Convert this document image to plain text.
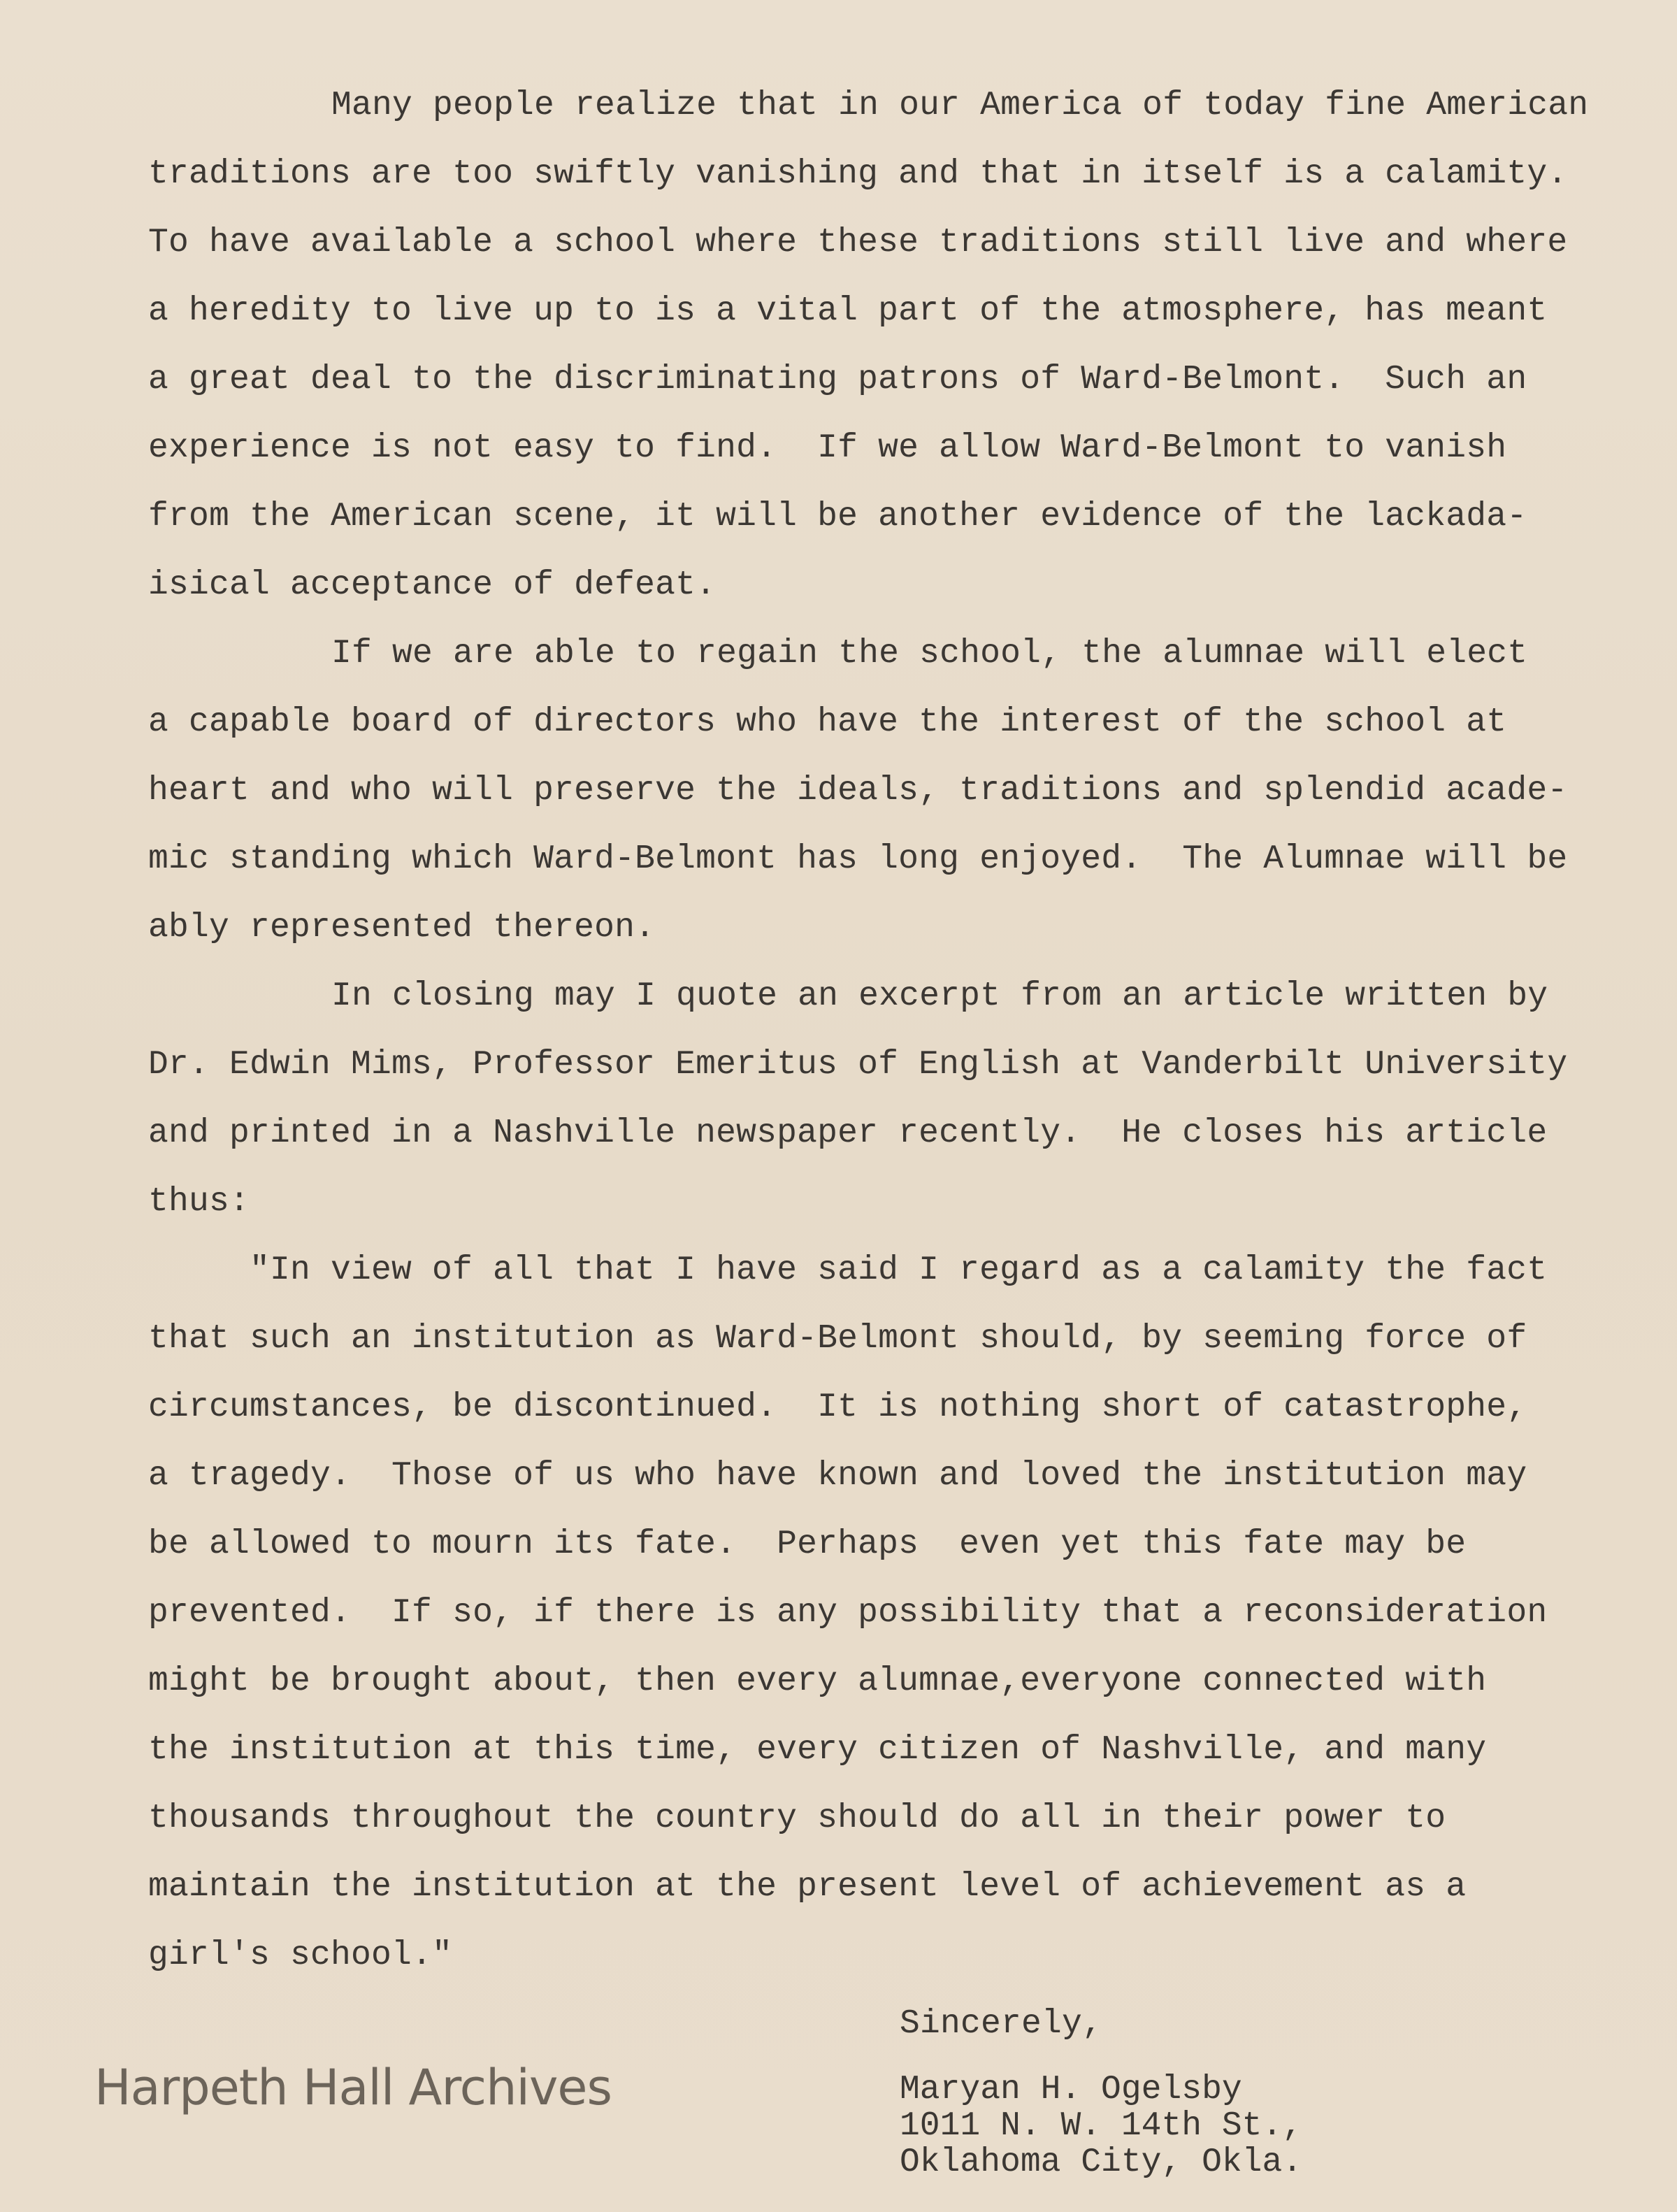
Many people realize that in our America of today fine American
traditions are too swiftly vanishing and that in itself is a calamity.
To have available a school where these traditions still live and where
a heredity to live up to is a vital part of the atmosphere, has meant
a great deal to the discriminating patrons of Ward-Belmont.  Such an
experience is not easy to find.  If we allow Ward-Belmont to vanish
from the American scene, it will be another evidence of the lackada-
isical acceptance of defeat.
If we are able to regain the school, the alumnae will elect
a capable board of directors who have the interest of the school at
heart and who will preserve the ideals, traditions and splendid acade-
mic standing which Ward-Belmont has long enjoyed.  The Alumnae will be
ably represented thereon.
In closing may I quote an excerpt from an article written by
Dr. Edwin Mims, Professor Emeritus of English at Vanderbilt University
and printed in a Nashville newspaper recently.  He closes his article
thus:
"In view of all that I have said I regard as a calamity the fact
that such an institution as Ward-Belmont should, by seeming force of
circumstances, be discontinued.  It is nothing short of catastrophe,
a tragedy.  Those of us who have known and loved the institution may
be allowed to mourn its fate.  Perhaps  even yet this fate may be
prevented.  If so, if there is any possibility that a reconsideration
might be brought about, then every alumnae,everyone connected with
the institution at this time, every citizen of Nashville, and many
thousands throughout the country should do all in their power to
maintain the institution at the present level of achievement as a
girl's school."
Sincerely,
Maryan H. Ogelsby
1011 N. W. 14th St.,
Oklahoma City, Okla.
Harpeth Hall Archives
